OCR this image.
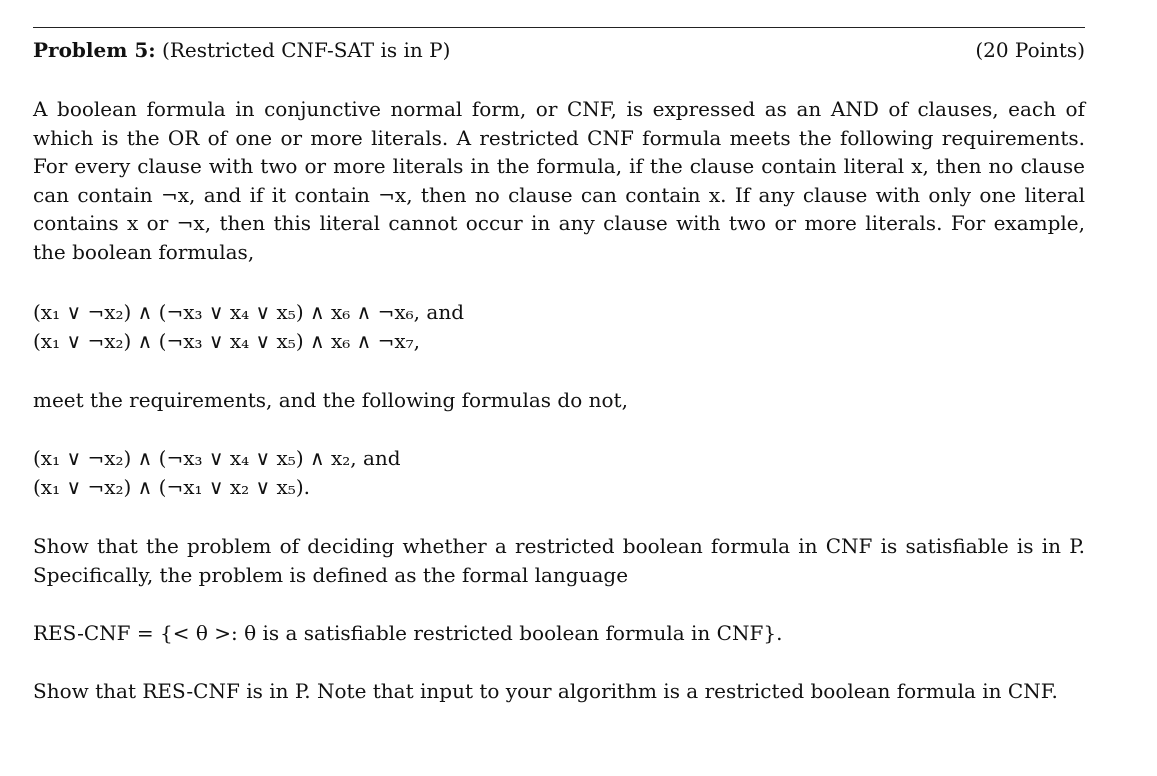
Problem 5: (Restricted CNF-SAT is in P)	(20 Points)

A boolean formula in conjunctive normal form, or CNF, is expressed as an AND of clauses, each of which is the OR of one or more literals. A restricted CNF formula meets the following requirements. For every clause with two or more literals in the formula, if the clause contain literal x, then no clause can contain ¬x, and if it contain ¬x, then no clause can contain x. If any clause with only one literal contains x or ¬x, then this literal cannot occur in any clause with two or more literals. For example, the boolean formulas,

(x₁ ∨ ¬x₂) ∧ (¬x₃ ∨ x₄ ∨ x₅) ∧ x₆ ∧ ¬x₆, and
(x₁ ∨ ¬x₂) ∧ (¬x₃ ∨ x₄ ∨ x₅) ∧ x₆ ∧ ¬x₇,
meet the requirements, and the following formulas do not,
(x₁ ∨ ¬x₂) ∧ (¬x₃ ∨ x₄ ∨ x₅) ∧ x₂, and
(x₁ ∨ ¬x₂) ∧ (¬x₁ ∨ x₂ ∨ x₅).

Show that the problem of deciding whether a restricted boolean formula in CNF is satisfiable is in P. Specifically, the problem is defined as the formal language

RES-CNF = {< θ >: θ is a satisfiable restricted boolean formula in CNF}.

Show that RES-CNF is in P. Note that input to your algorithm is a restricted boolean formula in CNF.
